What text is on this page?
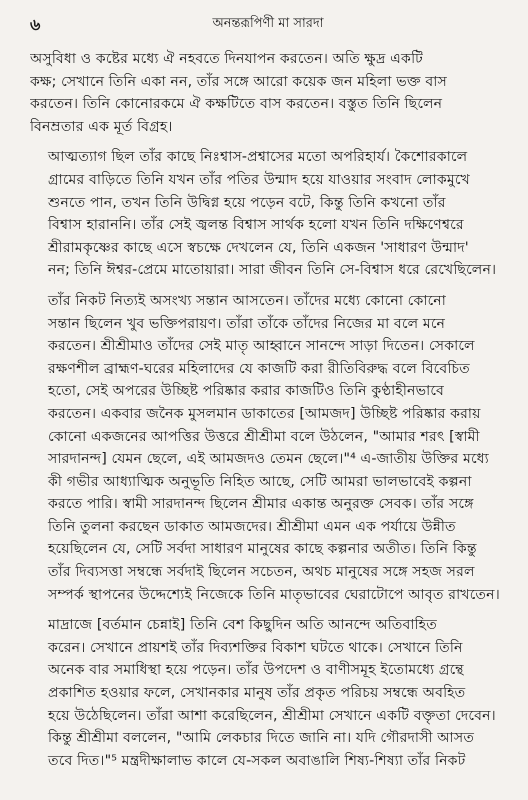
৬	অনন্তরূপিণী মা সারদা

অসুবিধা ও কষ্টের মধ্যে ঐ নহবতে দিনযাপন করতেন। অতি ক্ষুদ্র একটি
কক্ষ; সেখানে তিনি একা নন, তাঁর সঙ্গে আরো কয়েক জন মহিলা ভক্ত বাস
করতেন। তিনি কোনোরকমে ঐ কক্ষটিতে বাস করতেন। বস্তুত তিনি ছিলেন
বিনম্রতার এক মূর্ত বিগ্রহ।

আত্মত্যাগ ছিল তাঁর কাছে নিঃশ্বাস-প্রশ্বাসের মতো অপরিহার্য। কৈশোরকালে
গ্রামের বাড়িতে তিনি যখন তাঁর পতির উন্মাদ হয়ে যাওয়ার সংবাদ লোকমুখে
শুনতে পান, তখন তিনি উদ্বিগ্ন হয়ে পড়েন বটে, কিন্তু তিনি কখনো তাঁর
বিশ্বাস হারাননি। তাঁর সেই জ্বলন্ত বিশ্বাস সার্থক হলো যখন তিনি দক্ষিণেশ্বরে
শ্রীরামকৃষ্ণের কাছে এসে স্বচক্ষে দেখলেন যে, তিনি একজন 'সাধারণ উন্মাদ'
নন; তিনি ঈশ্বর-প্রেমে মাতোয়ারা। সারা জীবন তিনি সে-বিশ্বাস ধরে রেখেছিলেন।

তাঁর নিকট নিত্যই অসংখ্য সন্তান আসতেন। তাঁদের মধ্যে কোনো কোনো
সন্তান ছিলেন খুব ভক্তিপরায়ণ। তাঁরা তাঁকে তাঁদের নিজের মা বলে মনে
করতেন। শ্রীশ্রীমাও তাঁদের সেই মাতৃ আহ্বানে সানন্দে সাড়া দিতেন। সেকালে
রক্ষণশীল ব্রাহ্মণ-ঘরের মহিলাদের যে কাজটি করা রীতিবিরুদ্ধ বলে বিবেচিত
হতো, সেই অপরের উচ্ছিষ্ট পরিষ্কার করার কাজটিও তিনি কুণ্ঠাহীনভাবে
করতেন। একবার জনৈক মুসলমান ডাকাতের [আমজদ] উচ্ছিষ্ট পরিষ্কার করায়
কোনো একজনের আপত্তির উত্তরে শ্রীশ্রীমা বলে উঠলেন, "আমার শরৎ [স্বামী
সারদানন্দ] যেমন ছেলে, এই আমজদও তেমন ছেলে।"⁴ এ-জাতীয় উক্তির মধ্যে
কী গভীর আধ্যাত্মিক অনুভূতি নিহিত আছে, সেটি আমরা ভালভাবেই কল্পনা
করতে পারি। স্বামী সারদানন্দ ছিলেন শ্রীমার একান্ত অনুরক্ত সেবক। তাঁর সঙ্গে
তিনি তুলনা করছেন ডাকাত আমজদের। শ্রীশ্রীমা এমন এক পর্যায়ে উন্নীত
হয়েছিলেন যে, সেটি সর্বদা সাধারণ মানুষের কাছে কল্পনার অতীত। তিনি কিন্তু
তাঁর দিব্যসত্তা সম্বন্ধে সর্বদাই ছিলেন সচেতন, অথচ মানুষের সঙ্গে সহজ সরল
সম্পর্ক স্থাপনের উদ্দেশ্যেই নিজেকে তিনি মাতৃভাবের ঘেরাটোপে আবৃত রাখতেন।

মাদ্রাজে [বর্তমান চেন্নাই] তিনি বেশ কিছুদিন অতি আনন্দে অতিবাহিত
করেন। সেখানে প্রায়শই তাঁর দিব্যশক্তির বিকাশ ঘটতে থাকে। সেখানে তিনি
অনেক বার সমাধিস্থা হয়ে পড়েন। তাঁর উপদেশ ও বাণীসমূহ ইতোমধ্যে গ্রন্থে
প্রকাশিত হওয়ার ফলে, সেখানকার মানুষ তাঁর প্রকৃত পরিচয় সম্বন্ধে অবহিত
হয়ে উঠেছিলেন। তাঁরা আশা করেছিলেন, শ্রীশ্রীমা সেখানে একটি বক্তৃতা দেবেন।
কিন্তু শ্রীশ্রীমা বললেন, "আমি লেকচার দিতে জানি না। যদি গৌরদাসী আসত
তবে দিত।"⁵ মন্ত্রদীক্ষালাভ কালে যে-সকল অবাঙালি শিষ্য-শিষ্যা তাঁর নিকট
